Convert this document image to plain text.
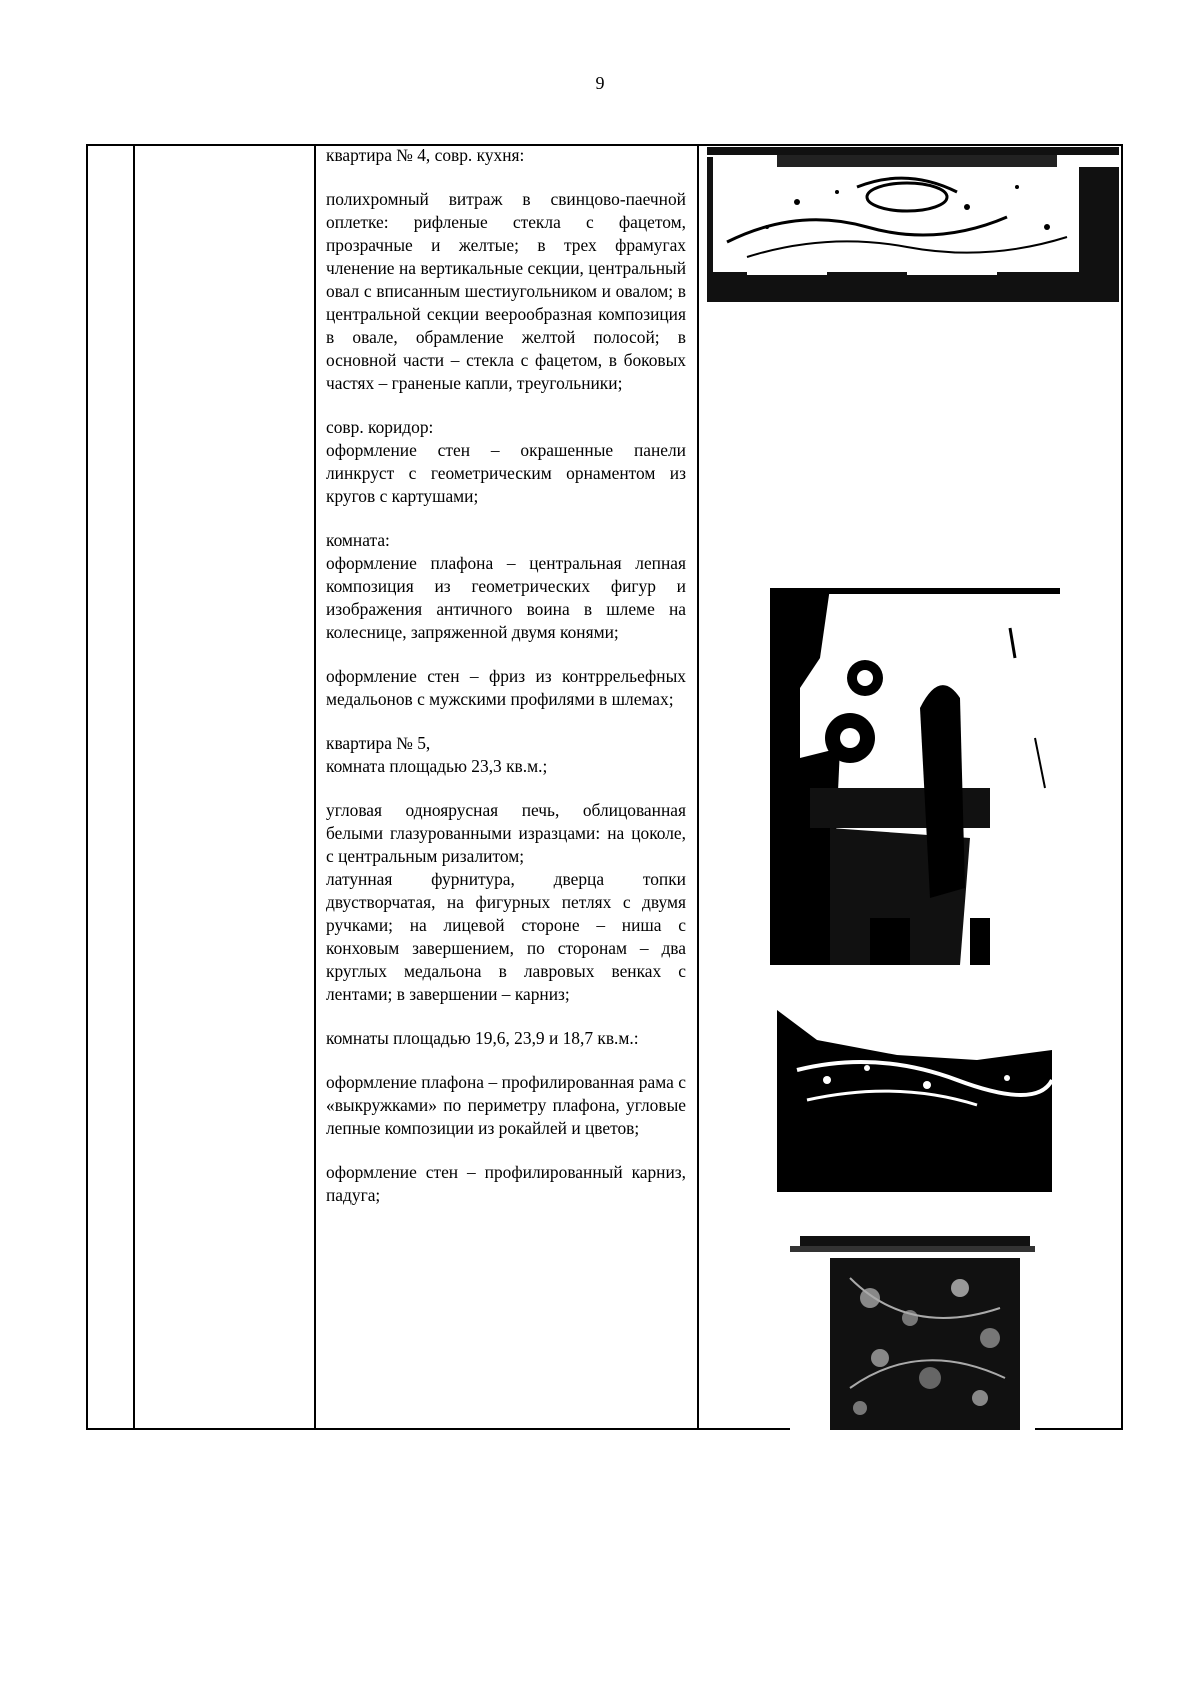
9

квартира № 4, совр. кухня:

полихромный витраж в свинцово-паечной оплетке: рифленые стекла с фацетом, прозрачные и желтые; в трех фрамугах членение на вертикальные секции, центральный овал с вписанным шестиугольником и овалом; в центральной секции веерообразная композиция в овале, обрамление желтой полосой; в основной части – стекла с фацетом, в боковых частях – граненые капли, треугольники;

совр. коридор:

оформление стен – окрашенные панели линкруст с геометрическим орнаментом из кругов с картушами;

комната:

оформление плафона – центральная лепная композиция из геометрических фигур и изображения античного воина в шлеме на колеснице, запряженной двумя конями;

оформление стен – фриз из контррельефных медальонов с мужскими профилями в шлемах;

квартира № 5,

комната площадью 23,3 кв.м.;

угловая одноярусная печь, облицованная белыми глазурованными изразцами: на цоколе, с центральным ризалитом;

латунная фурнитура, дверца топки двустворчатая, на фигурных петлях с двумя ручками; на лицевой стороне – ниша с конховым завершением, по сторонам – два круглых медальона в лавровых венках с лентами; в завершении – карниз;

комнаты площадью 19,6, 23,9 и 18,7 кв.м.:

оформление плафона – профилированная рама с «выкружками» по периметру плафона, угловые лепные композиции из рокайлей и цветов;

оформление стен – профилированный карниз, падуга;
